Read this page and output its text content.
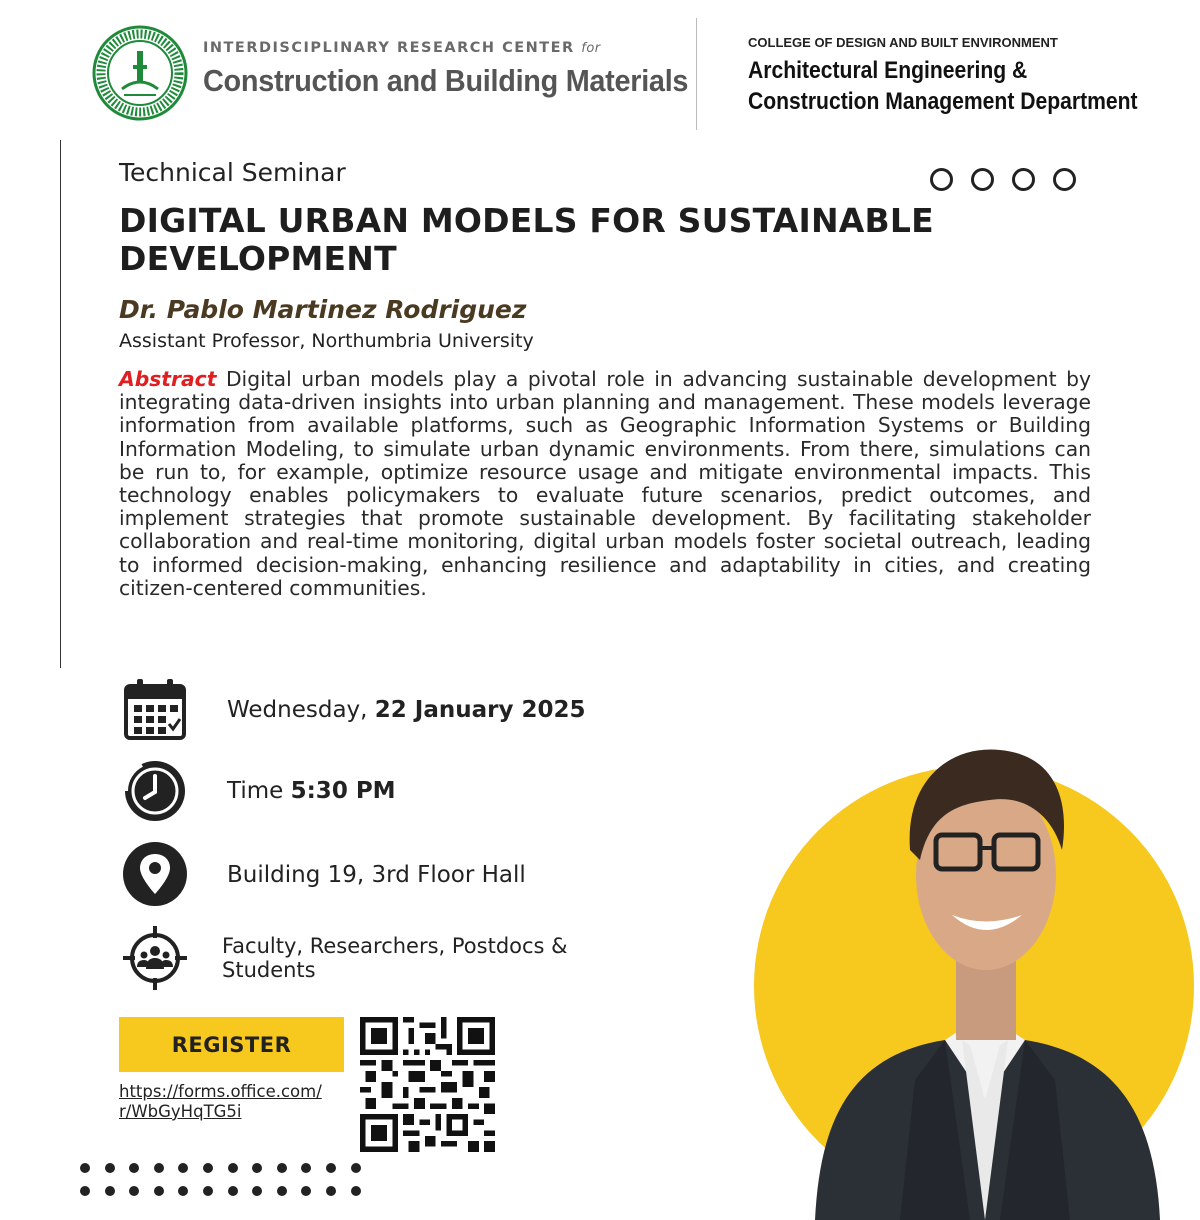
INTERDISCIPLINARY RESEARCH CENTER for
Construction and Building Materials
COLLEGE OF DESIGN AND BUILT ENVIRONMENT
Architectural Engineering &
Construction Management Department
Technical Seminar
DIGITAL URBAN MODELS FOR SUSTAINABLE DEVELOPMENT
Dr. Pablo Martinez Rodriguez
Assistant Professor, Northumbria University
Abstract Digital urban models play a pivotal role in advancing sustainable development by integrating data-driven insights into urban planning and management. These models leverage information from available platforms, such as Geographic Information Systems or Building Information Modeling, to simulate urban dynamic environments. From there, simulations can be run to, for example, optimize resource usage and mitigate environmental impacts. This technology enables policymakers to evaluate future scenarios, predict outcomes, and implement strategies that promote sustainable development. By facilitating stakeholder collaboration and real-time monitoring, digital urban models foster societal outreach, leading to informed decision-making, enhancing resilience and adaptability in cities, and creating citizen-centered communities.
Wednesday, 22 January 2025
Time 5:30 PM
Building 19, 3rd Floor Hall
Faculty, Researchers, Postdocs &
Students
REGISTER
https://forms.office.com/
r/WbGyHqTG5i
